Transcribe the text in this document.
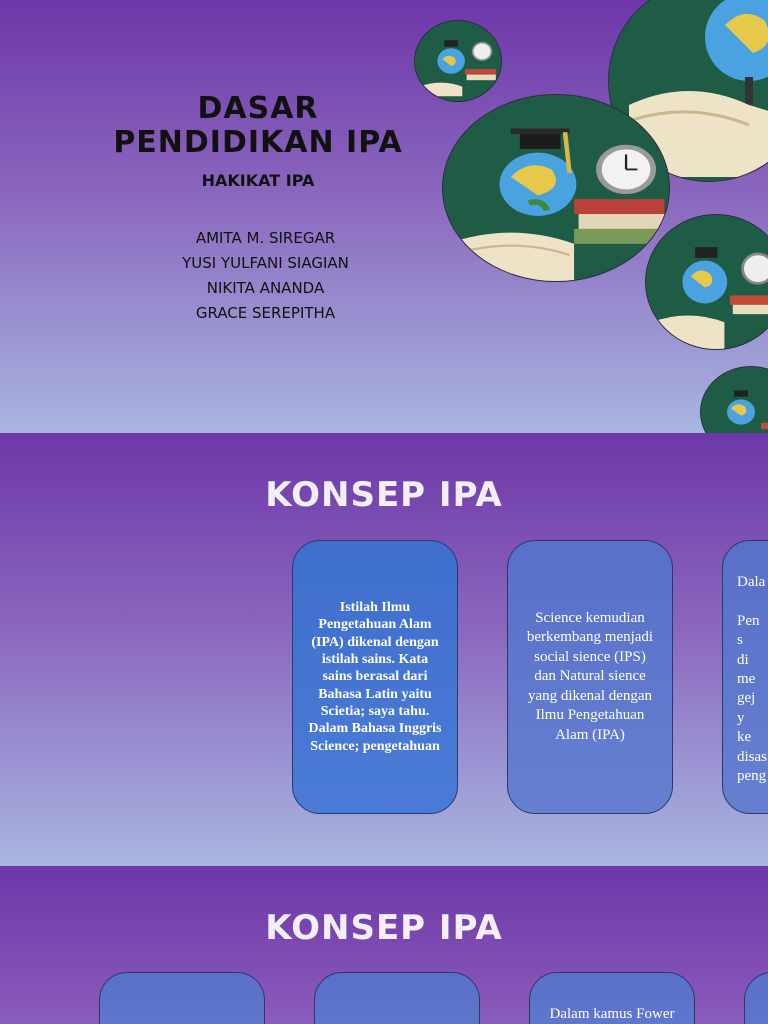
DASAR PENDIDIKAN IPA
HAKIKAT IPA
AMITA M. SIREGAR
YUSI YULFANI SIAGIAN
NIKITA ANANDA
GRACE SEREPITHA
KONSEP IPA
Istilah Ilmu Pengetahuan Alam (IPA) dikenal dengan istilah sains. Kata sains berasal dari Bahasa Latin yaitu Scietia; saya tahu. Dalam Bahasa Inggris Science; pengetahuan
Science kemudian berkembang menjadi social sience (IPS) dan Natural sience yang dikenal dengan Ilmu Pengetahuan Alam (IPA)
Dala

Pen
s
di
me
gej
y
ke
disas
peng
KONSEP IPA
Dalam kamus Fower
